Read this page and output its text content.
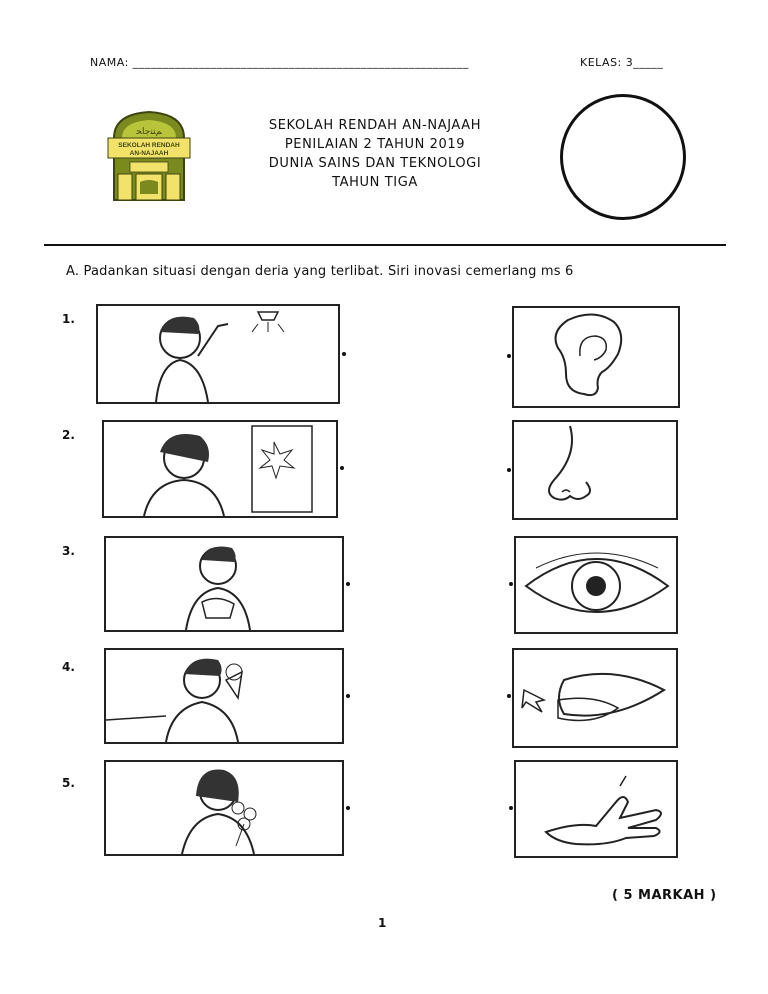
NAMA: ________________________________________________________	KELAS: 3_____
ﻢﺘﻨﺟﺎﺤ
SEKOLAH RENDAH
AN-NAJAAH
SEKOLAH RENDAH AN-NAJAAH
PENILAIAN 2 TAHUN 2019
DUNIA SAINS DAN TEKNOLOGI
TAHUN TIGA
A. Padankan situasi dengan deria yang terlibat. Siri inovasi cemerlang ms 6
1.
2.
3.
4.
5.
( 5 MARKAH )
1
